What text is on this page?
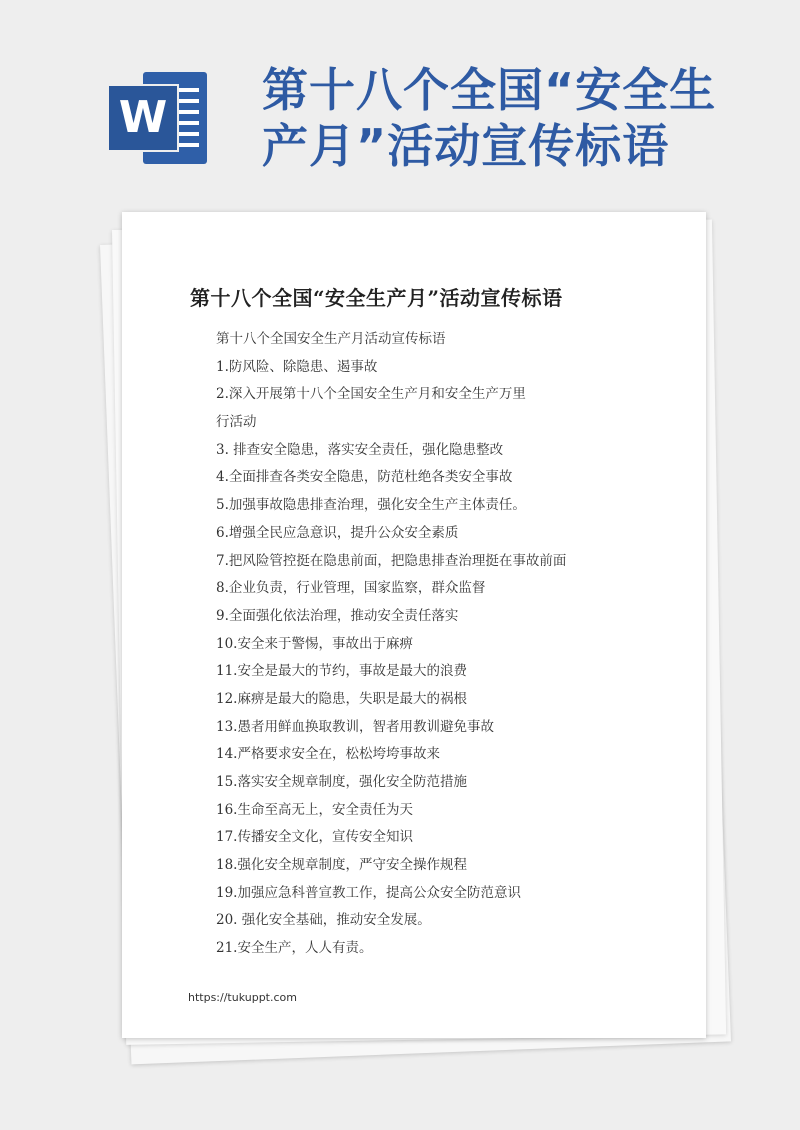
W
第十八个全国“安全生产月”活动宣传标语
第十八个全国“安全生产月”活动宣传标语
第十八个全国安全生产月活动宣传标语
1.防风险、除隐患、遏事故
2.深入开展第十八个全国安全生产月和安全生产万里
行活动
3. 排查安全隐患，落实安全责任，强化隐患整改
4.全面排查各类安全隐患，防范杜绝各类安全事故
5.加强事故隐患排查治理，强化安全生产主体责任。
6.增强全民应急意识，提升公众安全素质
7.把风险管控挺在隐患前面，把隐患排查治理挺在事故前面
8.企业负责，行业管理，国家监察，群众监督
9.全面强化依法治理，推动安全责任落实
10.安全来于警惕，事故出于麻痹
11.安全是最大的节约，事故是最大的浪费
12.麻痹是最大的隐患，失职是最大的祸根
13.愚者用鲜血换取教训，智者用教训避免事故
14.严格要求安全在，松松垮垮事故来
15.落实安全规章制度，强化安全防范措施
16.生命至高无上，安全责任为天
17.传播安全文化，宣传安全知识
18.强化安全规章制度，严守安全操作规程
19.加强应急科普宣教工作，提高公众安全防范意识
20. 强化安全基础，推动安全发展。
21.安全生产，人人有责。
https://tukuppt.com
